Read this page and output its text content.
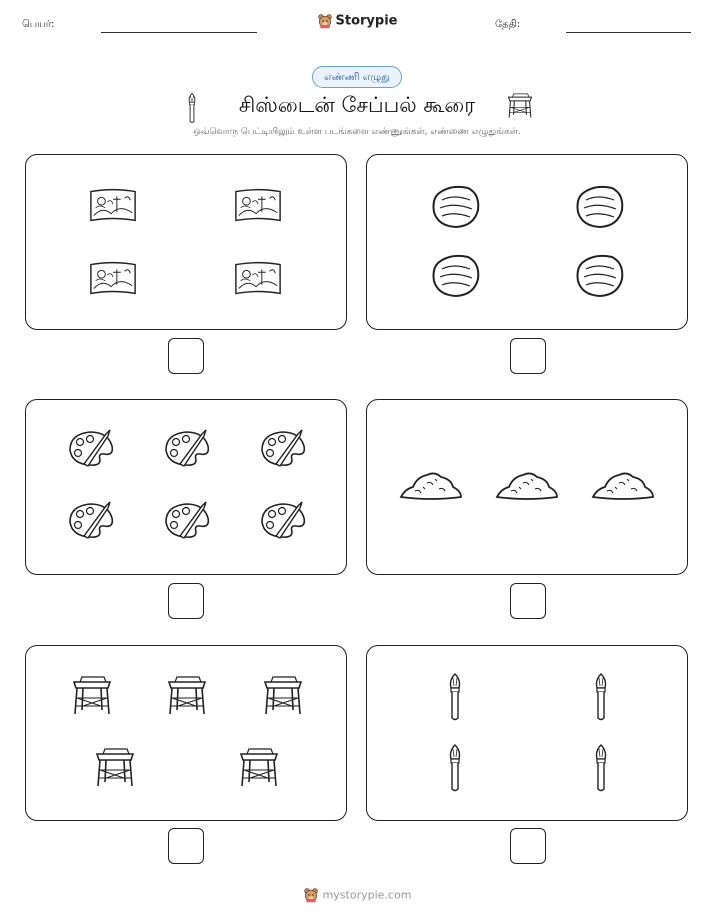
பெயர்:	Storypie	தேதி:
எண்ணி எழுது
சிஸ்டைன் சேப்பல் கூரை
ஒவ்வொரு பெட்டியிலும் உள்ள படங்களை எண்ணுங்கள், எண்ணை எழுதுங்கள்.
mystorypie.com
